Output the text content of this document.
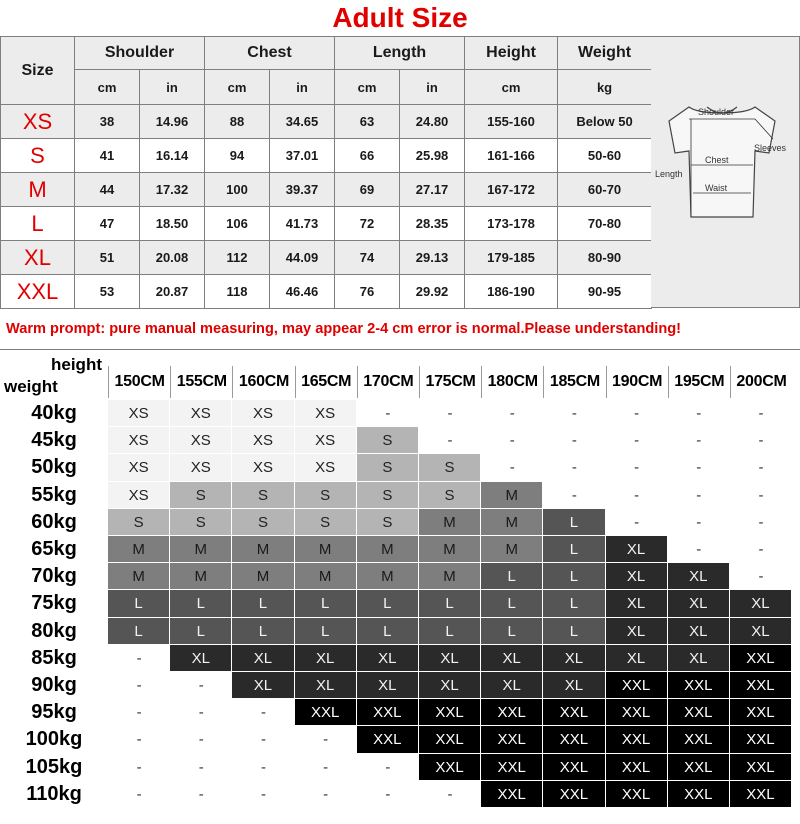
Adult Size
Size	Shoulder		Chest		Length		Height	Weight
	cm	in	cm	in	cm	in	cm	kg
XS	38	14.96	88	34.65	63	24.80	155-160	Below 50
S	41	16.14	94	37.01	66	25.98	161-166	50-60
M	44	17.32	100	39.37	69	27.17	167-172	60-70
L	47	18.50	106	41.73	72	28.35	173-178	70-80
XL	51	20.08	112	44.09	74	29.13	179-185	80-90
XXL	53	20.87	118	46.46	76	29.92	186-190	90-95
Shoulder
Sleeves
Chest
Length
Waist
Warm prompt: pure manual measuring, may appear 2-4 cm error is normal.Please understanding!
height
weight	150CM 155CM 160CM 165CM 170CM 175CM 180CM 185CM 190CM 195CM 200CM
40kg	XS	XS	XS	XS	-	-	-	-	-	-	-
45kg	XS	XS	XS	XS	S	-	-	-	-	-	-
50kg	XS	XS	XS	XS	S	S	-	-	-	-	-
55kg	XS	S	S	S	S	S	M	-	-	-	-
60kg	S	S	S	S	S	M	M	L	-	-	-
65kg	M	M	M	M	M	M	M	L	XL	-	-
70kg	M	M	M	M	M	M	L	L	XL	XL	-
75kg	L	L	L	L	L	L	L	L	XL	XL	XL
80kg	L	L	L	L	L	L	L	L	XL	XL	XL
85kg	-	XL	XL	XL	XL	XL	XL	XL	XL	XL	XXL
90kg	-	-	XL	XL	XL	XL	XL	XL	XXL	XXL	XXL
95kg	-	-	-	XXL	XXL	XXL	XXL	XXL	XXL	XXL	XXL
100kg	-	-	-	-	XXL	XXL	XXL	XXL	XXL	XXL	XXL
105kg	-	-	-	-	-	XXL	XXL	XXL	XXL	XXL	XXL
110kg	-	-	-	-	-	-	XXL	XXL	XXL	XXL	XXL
